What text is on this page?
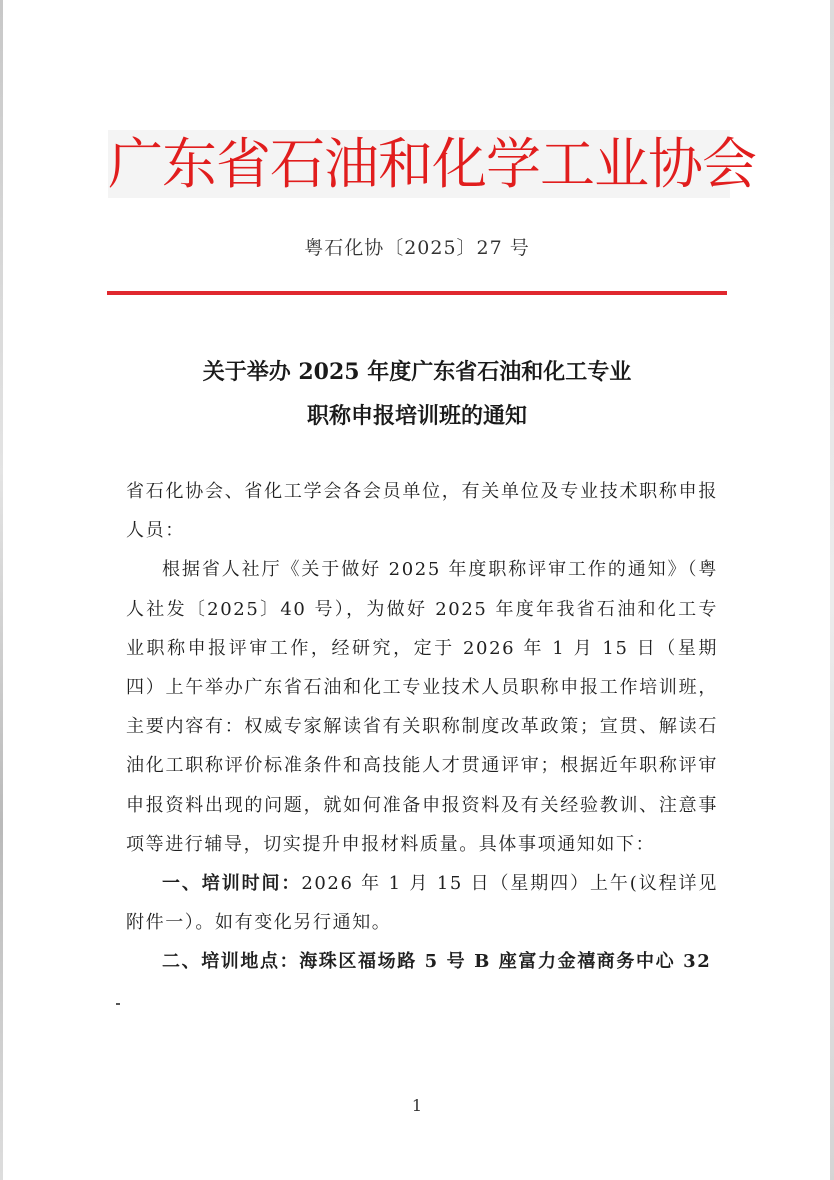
广东省石油和化学工业协会
粤石化协〔2025〕27 号
关于举办 2025 年度广东省石油和化工专业
职称申报培训班的通知

省石化协会、省化工学会各会员单位，有关单位及专业技术职称申报人员：

根据省人社厅《关于做好 2025 年度职称评审工作的通知》（粤人社发〔2025〕40 号），为做好 2025 年度年我省石油和化工专业职称申报评审工作，经研究，定于 2026 年 1 月 15 日（星期四）上午举办广东省石油和化工专业技术人员职称申报工作培训班，主要内容有：权威专家解读省有关职称制度改革政策；宣贯、解读石油化工职称评价标准条件和高技能人才贯通评审；根据近年职称评审申报资料出现的问题，就如何准备申报资料及有关经验教训、注意事项等进行辅导，切实提升申报材料质量。具体事项通知如下：

一、培训时间：2026 年 1 月 15 日（星期四）上午(议程详见附件一）。如有变化另行通知。

二、培训地点：海珠区福场路 5 号 B 座富力金禧商务中心 32

1
